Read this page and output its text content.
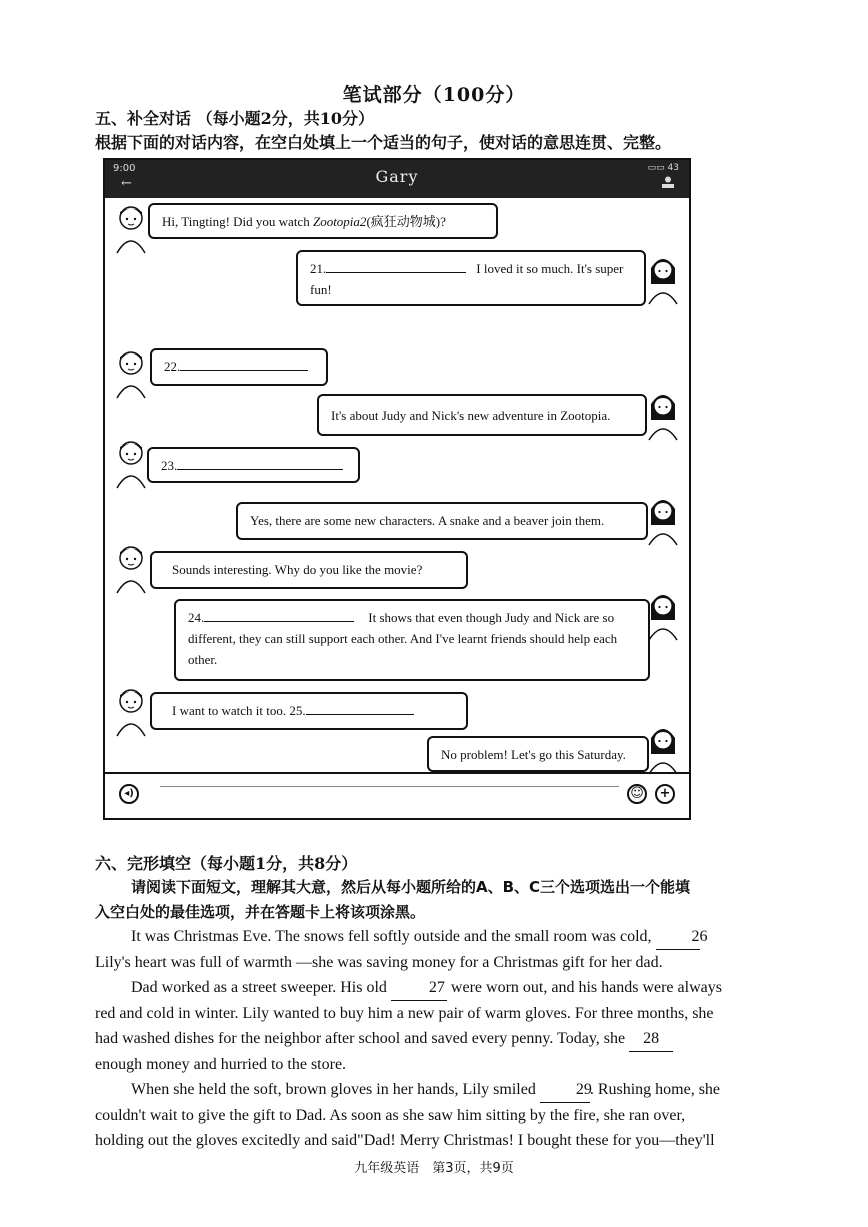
笔试部分（100分）
五、补全对话 （每小题2分，共10分）
根据下面的对话内容，在空白处填上一个适当的句子，使对话的意思连贯、完整。
9:00
←	Gary	▭▭ 43
◂)	☺	+
Hi, Tingting! Did you watch Zootopia2(疯狂动物城)?
21.	I loved it so much. It's super fun!
22.
It's about Judy and Nick's new adventure in Zootopia.
23.
Yes, there are some new characters. A snake and a beaver join them.
Sounds interesting. Why do you like the movie?
24.	It shows that even though Judy and Nick are so different, they can still support each other. And I've learnt friends should help each other.
I want to watch it too. 25.
No problem! Let's go this Saturday.
六、完形填空（每小题1分，共8分）
请阅读下面短文，理解其大意，然后从每小题所给的A、B、C三个选项选出一个能填
入空白处的最佳选项，并在答题卡上将该项涂黑。
It was Christmas Eve. The snows fell softly outside and the small room was cold,	26
Lily's heart was full of warmth —she was saving money for a Christmas gift for her dad.
Dad worked as a street sweeper. His old	27 were worn out, and his hands were always
red and cold in winter. Lily wanted to buy him a new pair of warm gloves. For three months, she
had washed dishes for the neighbor after school and saved every penny. Today, she 28
enough money and hurried to the store.
When she held the soft, brown gloves in her hands, Lily smiled	29. Rushing home, she
couldn't wait to give the gift to Dad. As soon as she saw him sitting by the fire, she ran over,
holding out the gloves excitedly and said"Dad! Merry Christmas! I bought these for you—they'll
九年级英语　第3页，共9页
